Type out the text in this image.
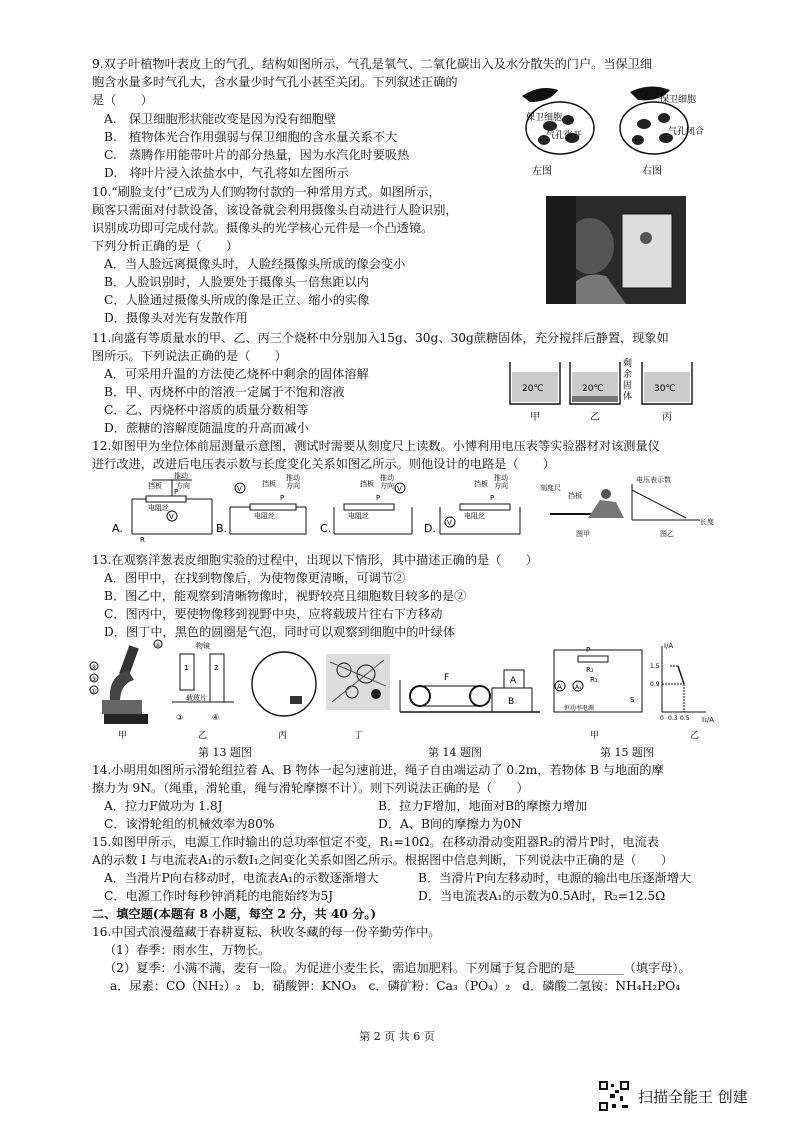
9.双子叶植物叶表皮上的气孔，结构如图所示，气孔是氧气、二氧化碳出入及水分散失的门户。当保卫细
胞含水量多时气孔大，含水量少时气孔小甚至关闭。下列叙述正确的
是（　　）
A.　保卫细胞形状能改变是因为没有细胞壁
B.　植物体光合作用强弱与保卫细胞的含水量关系不大
C.　蒸腾作用能带叶片的部分热量，因为水汽化时要吸热
D.　将叶片浸入浓盐水中，气孔将如左图所示
保卫细胞
气孔张开
保卫细胞
气孔闭合
左图	右图
10.“刷脸支付”已成为人们购物付款的一种常用方式。如图所示，
顾客只需面对付款设备，该设备就会利用摄像头自动进行人脸识别，
识别成功即可完成付款。摄像头的光学核心元件是一个凸透镜。
下列分析正确的是（　　）
A．当人脸远离摄像头时，人脸经摄像头所成的像会变小
B．人脸识别时，人脸要处于摄像头一倍焦距以内
C．人脸通过摄像头所成的像是正立、缩小的实像
D．摄像头对光有发散作用
11.向盛有等质量水的甲、乙、丙三个烧杯中分别加入15g、30g、30g蔗糖固体，充分搅拌后静置，现象如
图所示。下列说法正确的是（　　）
A．可采用升温的方法使乙烧杯中剩余的固体溶解
B．甲、丙烧杯中的溶液一定属于不饱和溶液
C．乙、丙烧杯中溶质的质量分数相等
D．蔗糖的溶解度随温度的升高而减小
20℃	20℃
剩
余
固
体
30℃
甲	乙	丙
12.如图甲为坐位体前屈测量示意图，测试时需要从刻度尺上读数。小博利用电压表等实验器材对该测量仪
进行改进，改进后电压表示数与长度变化关系如图乙所示。则他设计的电路是（　　）
A.
电阻丝
V
推动
方向
P
挡板
R
B.
电阻丝
V
挡板
推动
方向
P
C.
电阻丝
V
挡板
推动
方向
P
D.
电阻丝
V
挡板
推动
方向
P
刻度尺
挡板
图甲
电压表示数
长度
图乙
13.在观察洋葱表皮细胞实验的过程中，出现以下情形，其中描述正确的是（　　）
A．图甲中，在找到物像后，为使物像更清晰，可调节②
B．图乙中，能观察到清晰物像时，视野较亮且细胞数目较多的是②
C．图丙中，要使物像移到视野中央，应将载玻片往右下方移动
D．图丁中，黑色的圆圈是气泡，同时可以观察到细胞中的叶绿体
②
③
①
④
甲
物镜
1	2
载玻片
③	④
乙	丙	丁
F
B
A
P
R₂
R₁
A A₁
S
恒功率电源
甲
I/A
I₁/A
1.5
0.9
0 0.3 0.5
乙
第 13 题图	第 14 题图	第 15 题图
14.小明用如图所示滑轮组拉着 A、B 物体一起匀速前进，绳子自由端运动了 0.2m，若物体 B 与地面的摩
擦力为 9N。（绳重，滑轮重，绳与滑轮摩擦不计）。则下列说法正确的是（　　）
A．拉力F做功为 1.8J	B．拉力F增加，地面对B的摩擦力增加
C．该滑轮组的机械效率为80%	D．A、B间的摩擦力为0N
15.如图甲所示，电源工作时输出的总功率恒定不变，R₁=10Ω。在移动滑动变阻器R₂的滑片P时，电流表
A的示数 I 与电流表A₁的示数I₁之间变化关系如图乙所示。根据图中信息判断，下列说法中正确的是（　　）
A．当滑片P向右移动时，电流表A₁的示数逐渐增大	B．当滑片P向左移动时，电源的输出电压逐渐增大
C．电源工作时每秒钟消耗的电能始终为5J	D．当电流表A₁的示数为0.5A时，R₂=12.5Ω
二、填空题(本题有 8 小题，每空 2 分，共 40 分。)
16.中国式浪漫蕴藏于春耕夏耘、秋收冬藏的每一份辛勤劳作中。
（1）春季：雨水生，万物长。
（2）夏季：小满不满，麦有一险。为促进小麦生长，需追加肥料。下列属于复合肥的是________（填字母）。
a．尿素：CO（NH₂）₂　b．硝酸钾：KNO₃　c．磷矿粉：Ca₃（PO₄）₂　d．磷酸二氢铵：NH₄H₂PO₄
第 2 页 共 6 页
扫描全能王 创建
